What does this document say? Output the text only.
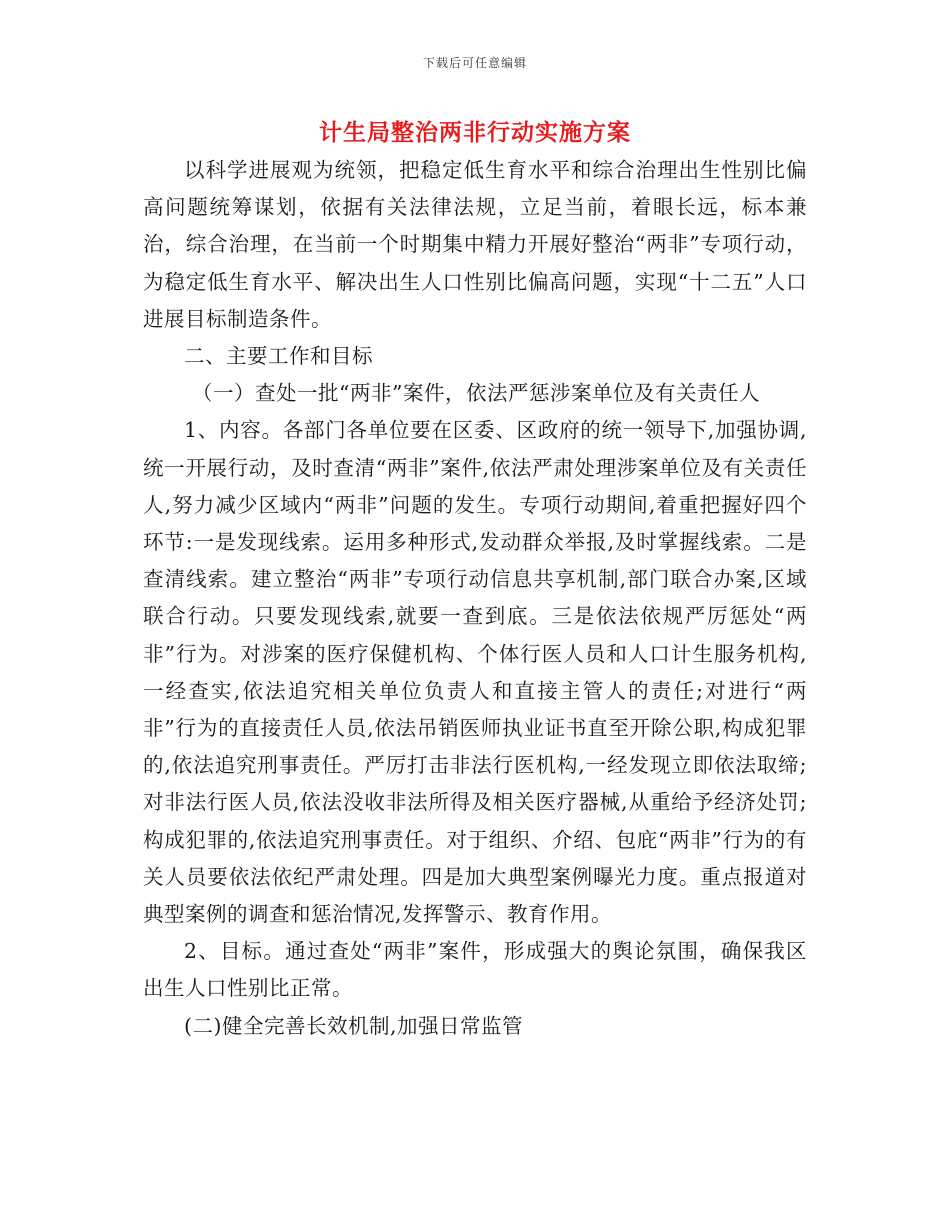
下载后可任意编辑
计生局整治两非行动实施方案

以科学进展观为统领，把稳定低生育水平和综合治理出生性别比偏高问题统筹谋划，依据有关法律法规，立足当前，着眼长远，标本兼治，综合治理，在当前一个时期集中精力开展好整治“两非”专项行动，为稳定低生育水平、解决出生人口性别比偏高问题，实现“十二五”人口进展目标制造条件。

二、主要工作和目标

（一）查处一批“两非”案件，依法严惩涉案单位及有关责任人

1、内容。各部门各单位要在区委、区政府的统一领导下,加强协调,统一开展行动，及时查清“两非”案件,依法严肃处理涉案单位及有关责任人,努力减少区域内“两非”问题的发生。专项行动期间,着重把握好四个环节:一是发现线索。运用多种形式,发动群众举报,及时掌握线索。二是查清线索。建立整治“两非”专项行动信息共享机制,部门联合办案,区域联合行动。只要发现线索,就要一查到底。三是依法依规严厉惩处“两非”行为。对涉案的医疗保健机构、个体行医人员和人口计生服务机构,一经查实,依法追究相关单位负责人和直接主管人的责任;对进行“两非”行为的直接责任人员,依法吊销医师执业证书直至开除公职,构成犯罪的,依法追究刑事责任。严厉打击非法行医机构,一经发现立即依法取缔;对非法行医人员,依法没收非法所得及相关医疗器械,从重给予经济处罚;构成犯罪的,依法追究刑事责任。对于组织、介绍、包庇“两非”行为的有关人员要依法依纪严肃处理。四是加大典型案例曝光力度。重点报道对典型案例的调查和惩治情况,发挥警示、教育作用。

2、目标。通过查处“两非”案件，形成强大的舆论氛围，确保我区出生人口性别比正常。

(二)健全完善长效机制,加强日常监管
